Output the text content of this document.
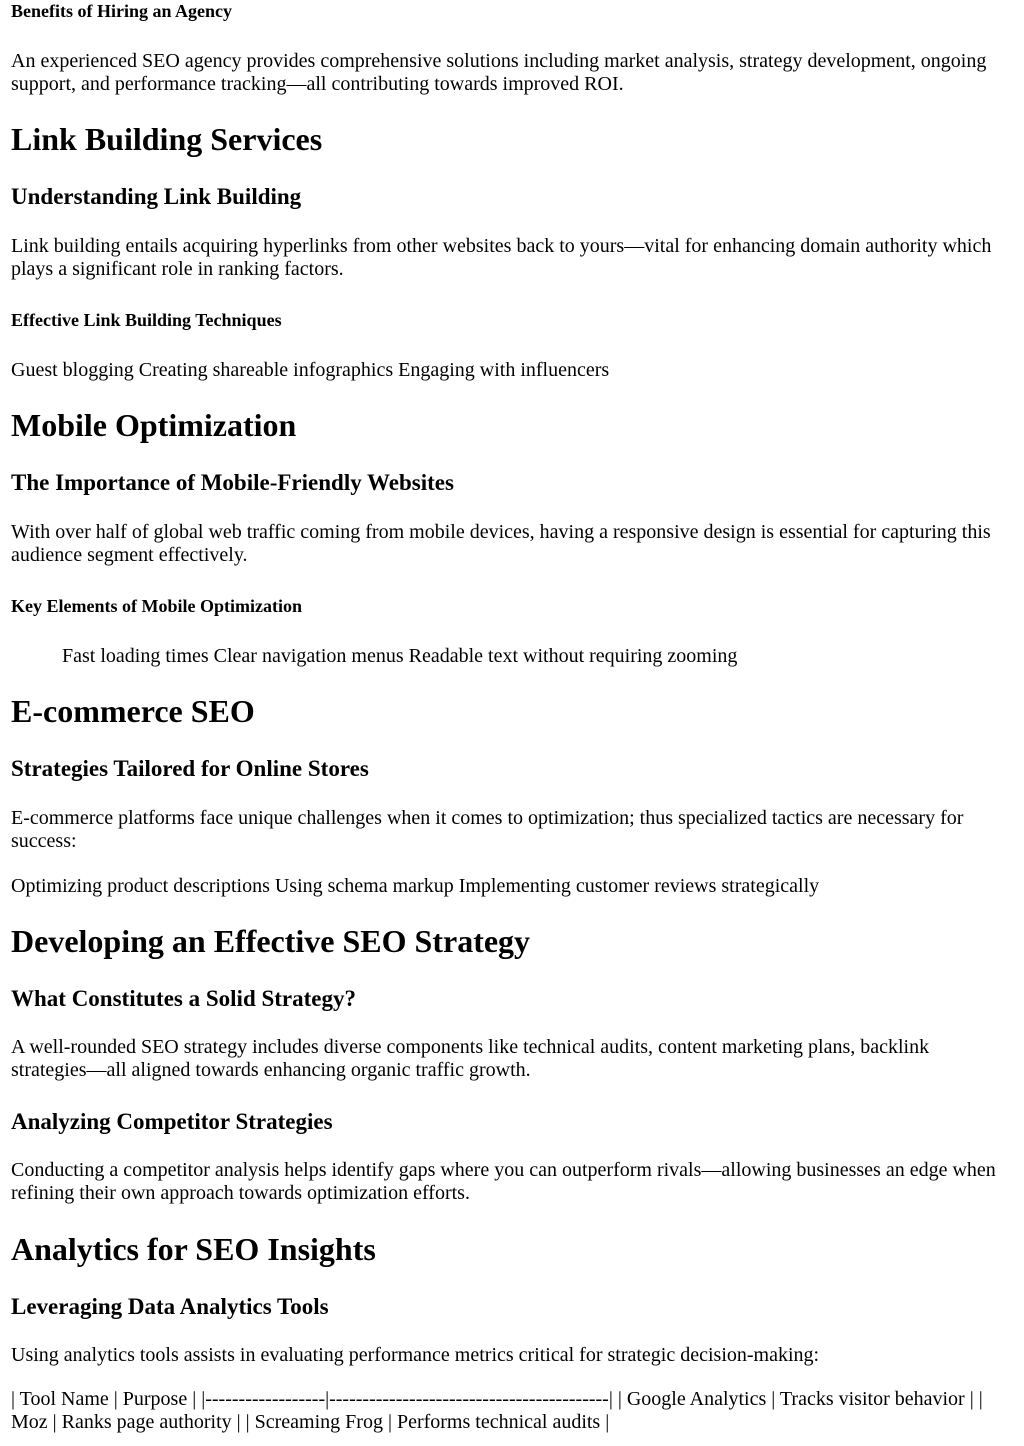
Benefits of Hiring an Agency

An experienced SEO agency provides comprehensive solutions including market analysis, strategy development, ongoing support, and performance tracking—all contributing towards improved ROI.

Link Building Services
Understanding Link Building

Link building entails acquiring hyperlinks from other websites back to yours—vital for enhancing domain authority which plays a significant role in ranking factors.

Effective Link Building Techniques

Guest blogging Creating shareable infographics Engaging with influencers

Mobile Optimization
The Importance of Mobile-Friendly Websites

With over half of global web traffic coming from mobile devices, having a responsive design is essential for capturing this audience segment effectively.

Key Elements of Mobile Optimization

Fast loading times Clear navigation menus Readable text without requiring zooming

E-commerce SEO
Strategies Tailored for Online Stores

E-commerce platforms face unique challenges when it comes to optimization; thus specialized tactics are necessary for success:

Optimizing product descriptions Using schema markup Implementing customer reviews strategically

Developing an Effective SEO Strategy
What Constitutes a Solid Strategy?

A well-rounded SEO strategy includes diverse components like technical audits, content marketing plans, backlink strategies—all aligned towards enhancing organic traffic growth.

Analyzing Competitor Strategies

Conducting a competitor analysis helps identify gaps where you can outperform rivals—allowing businesses an edge when refining their own approach towards optimization efforts.

Analytics for SEO Insights
Leveraging Data Analytics Tools

Using analytics tools assists in evaluating performance metrics critical for strategic decision-making:

| Tool Name | Purpose | |------------------|------------------------------------------| | Google Analytics | Tracks visitor behavior | | Moz | Ranks page authority | | Screaming Frog | Performs technical audits |
